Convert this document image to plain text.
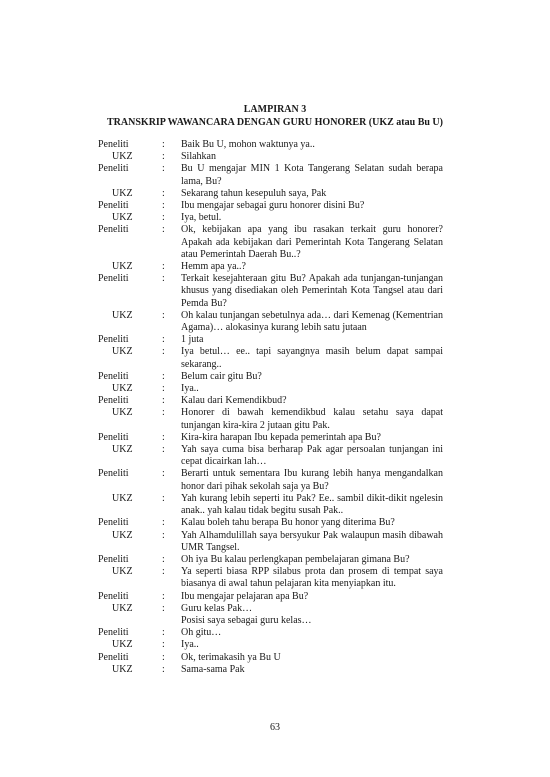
LAMPIRAN 3
TRANSKRIP WAWANCARA DENGAN GURU HONORER (UKZ atau Bu U)
Peneliti	: Baik Bu U, mohon waktunya ya..
UKZ	: Silahkan
Peneliti	: Bu U mengajar MIN 1 Kota Tangerang Selatan sudah berapa lama, Bu?
UKZ	: Sekarang tahun kesepuluh saya, Pak
Peneliti	: Ibu mengajar sebagai guru honorer disini Bu?
UKZ	: Iya, betul.
Peneliti	: Ok, kebijakan apa yang ibu rasakan terkait guru honorer? Apakah ada kebijakan dari Pemerintah Kota Tangerang Selatan atau Pemerintah Daerah Bu..?
UKZ	: Hemm apa ya..?
Peneliti	: Terkait kesejahteraan gitu Bu? Apakah ada tunjangan-tunjangan khusus yang disediakan oleh Pemerintah Kota Tangsel atau dari Pemda Bu?
UKZ	: Oh kalau tunjangan sebetulnya ada… dari Kemenag (Kementrian Agama)… alokasinya kurang lebih satu jutaan
Peneliti	: 1 juta
UKZ	: Iya betul… ee.. tapi sayangnya masih belum dapat sampai sekarang..
Peneliti	: Belum cair gitu Bu?
UKZ	: Iya..
Peneliti	: Kalau dari Kemendikbud?
UKZ	: Honorer di bawah kemendikbud kalau setahu saya dapat tunjangan kira-kira 2 jutaan gitu Pak.
Peneliti	: Kira-kira harapan Ibu kepada pemerintah apa Bu?
UKZ	: Yah saya cuma bisa berharap Pak agar persoalan tunjangan ini cepat dicairkan lah…
Peneliti	: Berarti untuk sementara Ibu kurang lebih hanya mengandalkan honor dari pihak sekolah saja ya Bu?
UKZ	: Yah kurang lebih seperti itu Pak? Ee.. sambil dikit-dikit ngelesin anak.. yah kalau tidak begitu susah Pak..
Peneliti	: Kalau boleh tahu berapa Bu honor yang diterima Bu?
UKZ	: Yah Alhamdulillah saya bersyukur Pak walaupun masih dibawah UMR Tangsel.
Peneliti	: Oh iya Bu kalau perlengkapan pembelajaran gimana Bu?
UKZ	: Ya seperti biasa RPP silabus prota dan prosem di tempat saya biasanya di awal tahun pelajaran kita menyiapkan itu.
Peneliti	: Ibu mengajar pelajaran apa Bu?
UKZ	: Guru kelas Pak…
Posisi saya sebagai guru kelas…
Peneliti	: Oh gitu…
UKZ	: Iya..
Peneliti	: Ok, terimakasih ya Bu U
UKZ	: Sama-sama Pak
63
